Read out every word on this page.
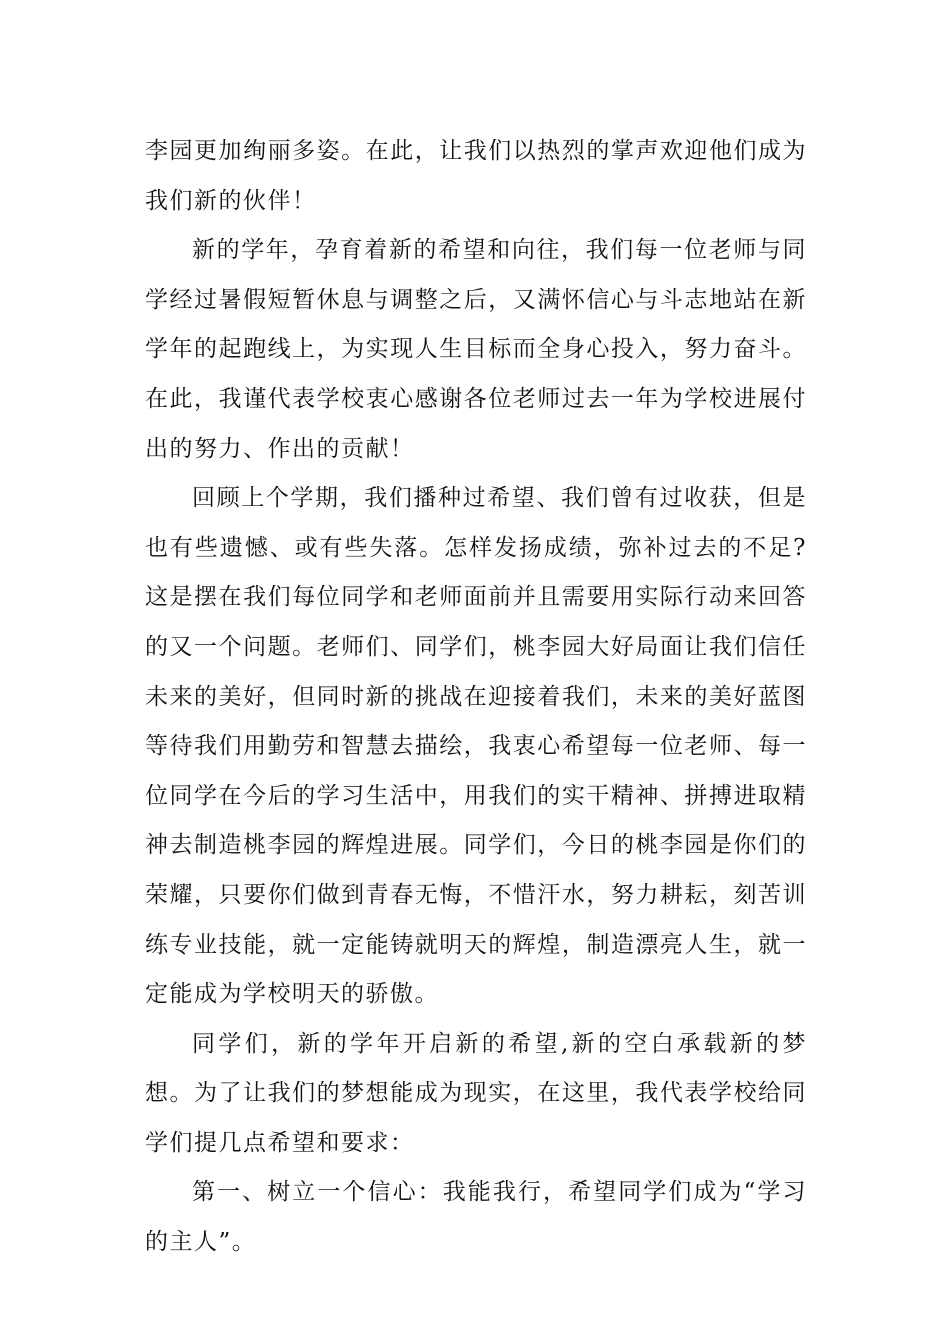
李园更加绚丽多姿。在此，让我们以热烈的掌声欢迎他们成为我们新的伙伴！

新的学年，孕育着新的希望和向往，我们每一位老师与同学经过暑假短暂休息与调整之后，又满怀信心与斗志地站在新学年的起跑线上，为实现人生目标而全身心投入，努力奋斗。在此，我谨代表学校衷心感谢各位老师过去一年为学校进展付出的努力、作出的贡献！

回顾上个学期，我们播种过希望、我们曾有过收获，但是也有些遗憾、或有些失落。怎样发扬成绩，弥补过去的不足?这是摆在我们每位同学和老师面前并且需要用实际行动来回答的又一个问题。老师们、同学们，桃李园大好局面让我们信任未来的美好，但同时新的挑战在迎接着我们，未来的美好蓝图等待我们用勤劳和智慧去描绘，我衷心希望每一位老师、每一位同学在今后的学习生活中，用我们的实干精神、拼搏进取精神去制造桃李园的辉煌进展。同学们，今日的桃李园是你们的荣耀，只要你们做到青春无悔，不惜汗水，努力耕耘，刻苦训练专业技能，就一定能铸就明天的辉煌，制造漂亮人生，就一定能成为学校明天的骄傲。

同学们，新的学年开启新的希望,新的空白承载新的梦想。为了让我们的梦想能成为现实，在这里，我代表学校给同学们提几点希望和要求：

第一、树立一个信心：我能我行，希望同学们成为“学习的主人”。
